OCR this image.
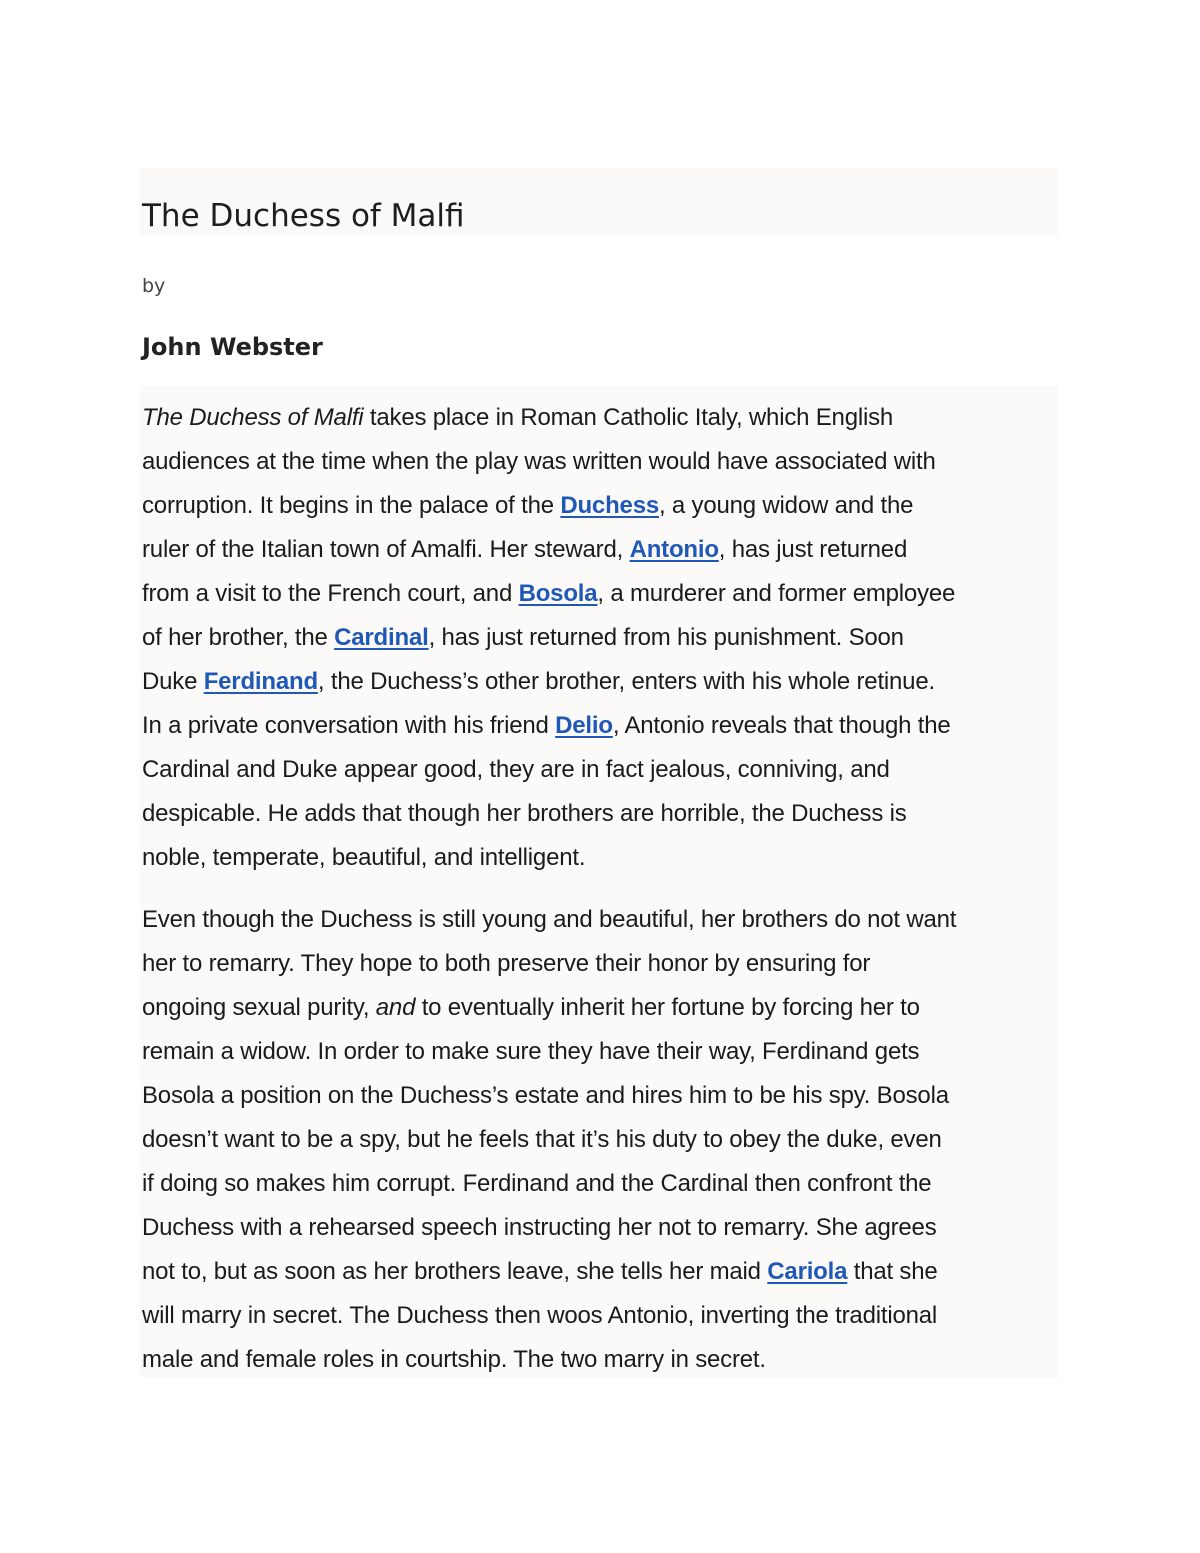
The Duchess of Malfi
by
John Webster

The Duchess of Malfi takes place in Roman Catholic Italy, which English
audiences at the time when the play was written would have associated with
corruption. It begins in the palace of the Duchess, a young widow and the
ruler of the Italian town of Amalfi. Her steward, Antonio, has just returned
from a visit to the French court, and Bosola, a murderer and former employee
of her brother, the Cardinal, has just returned from his punishment. Soon
Duke Ferdinand, the Duchess’s other brother, enters with his whole retinue.
In a private conversation with his friend Delio, Antonio reveals that though the
Cardinal and Duke appear good, they are in fact jealous, conniving, and
despicable. He adds that though her brothers are horrible, the Duchess is
noble, temperate, beautiful, and intelligent.

Even though the Duchess is still young and beautiful, her brothers do not want
her to remarry. They hope to both preserve their honor by ensuring for
ongoing sexual purity, and to eventually inherit her fortune by forcing her to
remain a widow. In order to make sure they have their way, Ferdinand gets
Bosola a position on the Duchess’s estate and hires him to be his spy. Bosola
doesn’t want to be a spy, but he feels that it’s his duty to obey the duke, even
if doing so makes him corrupt. Ferdinand and the Cardinal then confront the
Duchess with a rehearsed speech instructing her not to remarry. She agrees
not to, but as soon as her brothers leave, she tells her maid Cariola that she
will marry in secret. The Duchess then woos Antonio, inverting the traditional
male and female roles in courtship. The two marry in secret.
